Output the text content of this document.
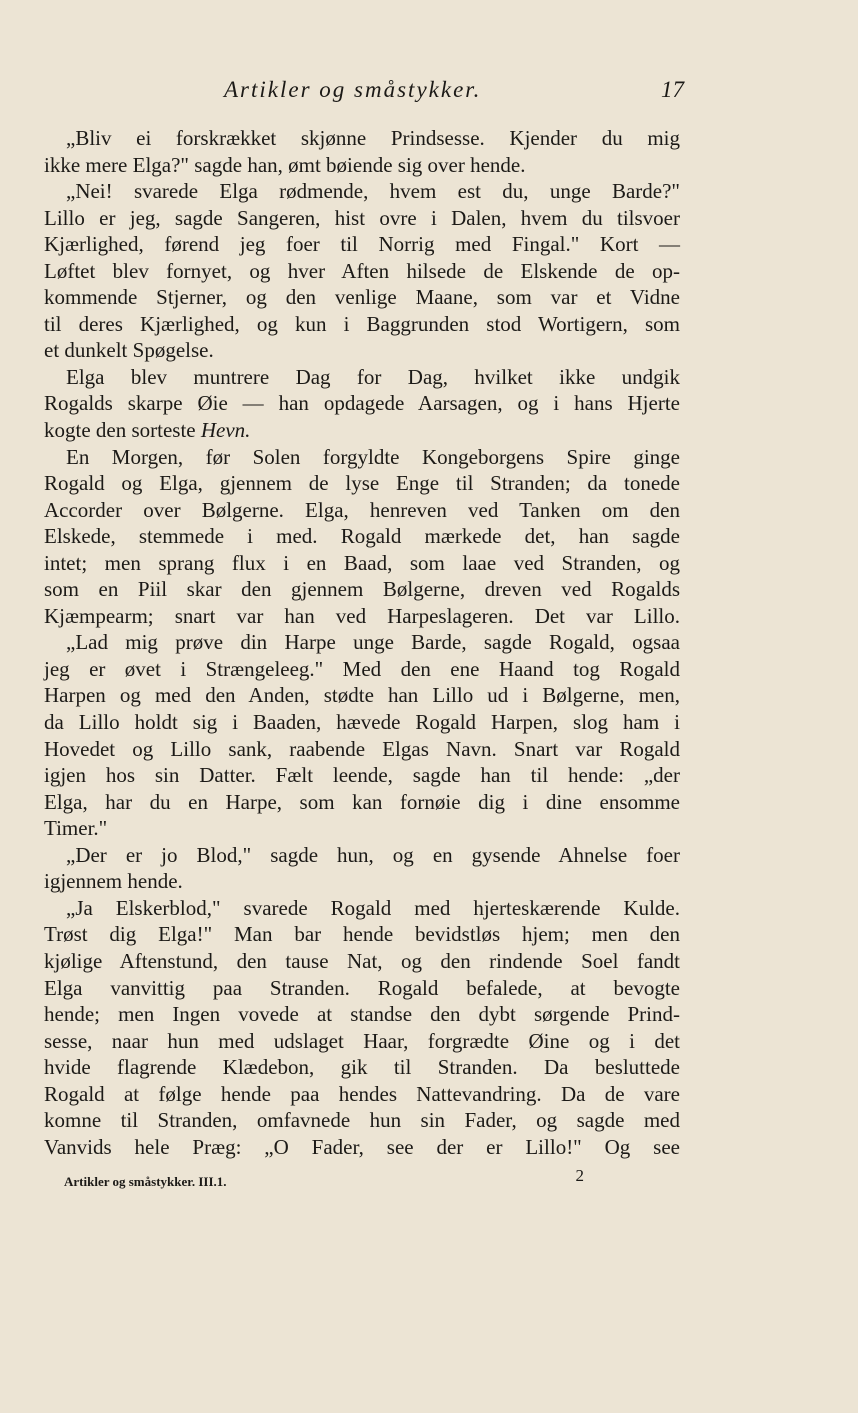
Artikler og småstykker.	17
„Bliv ei forskrækket skjønne Prindsesse. Kjender du mig
ikke mere Elga?" sagde han, ømt bøiende sig over hende.
„Nei! svarede Elga rødmende, hvem est du, unge Barde?"
Lillo er jeg, sagde Sangeren, hist ovre i Dalen, hvem du tilsvoer
Kjærlighed, førend jeg foer til Norrig med Fingal." Kort —
Løftet blev fornyet, og hver Aften hilsede de Elskende de op-
kommende Stjerner, og den venlige Maane, som var et Vidne
til deres Kjærlighed, og kun i Baggrunden stod Wortigern, som
et dunkelt Spøgelse.
Elga blev muntrere Dag for Dag, hvilket ikke undgik
Rogalds skarpe Øie — han opdagede Aarsagen, og i hans Hjerte
kogte den sorteste Hevn.
En Morgen, før Solen forgyldte Kongeborgens Spire ginge
Rogald og Elga, gjennem de lyse Enge til Stranden; da tonede
Accorder over Bølgerne. Elga, henreven ved Tanken om den
Elskede, stemmede i med. Rogald mærkede det, han sagde
intet; men sprang flux i en Baad, som laae ved Stranden, og
som en Piil skar den gjennem Bølgerne, dreven ved Rogalds
Kjæmpearm; snart var han ved Harpeslageren. Det var Lillo.
„Lad mig prøve din Harpe unge Barde, sagde Rogald, ogsaa
jeg er øvet i Strængeleeg." Med den ene Haand tog Rogald
Harpen og med den Anden, stødte han Lillo ud i Bølgerne, men,
da Lillo holdt sig i Baaden, hævede Rogald Harpen, slog ham i
Hovedet og Lillo sank, raabende Elgas Navn. Snart var Rogald
igjen hos sin Datter. Fælt leende, sagde han til hende: „der
Elga, har du en Harpe, som kan fornøie dig i dine ensomme
Timer."
„Der er jo Blod," sagde hun, og en gysende Ahnelse foer
igjennem hende.
„Ja Elskerblod," svarede Rogald med hjerteskærende Kulde.
Trøst dig Elga!" Man bar hende bevidstløs hjem; men den
kjølige Aftenstund, den tause Nat, og den rindende Soel fandt
Elga vanvittig paa Stranden. Rogald befalede, at bevogte
hende; men Ingen vovede at standse den dybt sørgende Prind-
sesse, naar hun med udslaget Haar, forgrædte Øine og i det
hvide flagrende Klædebon, gik til Stranden. Da besluttede
Rogald at følge hende paa hendes Nattevandring. Da de vare
komne til Stranden, omfavnede hun sin Fader, og sagde med
Vanvids hele Præg: „O Fader, see der er Lillo!" Og see
Artikler og småstykker. III.1.	2
